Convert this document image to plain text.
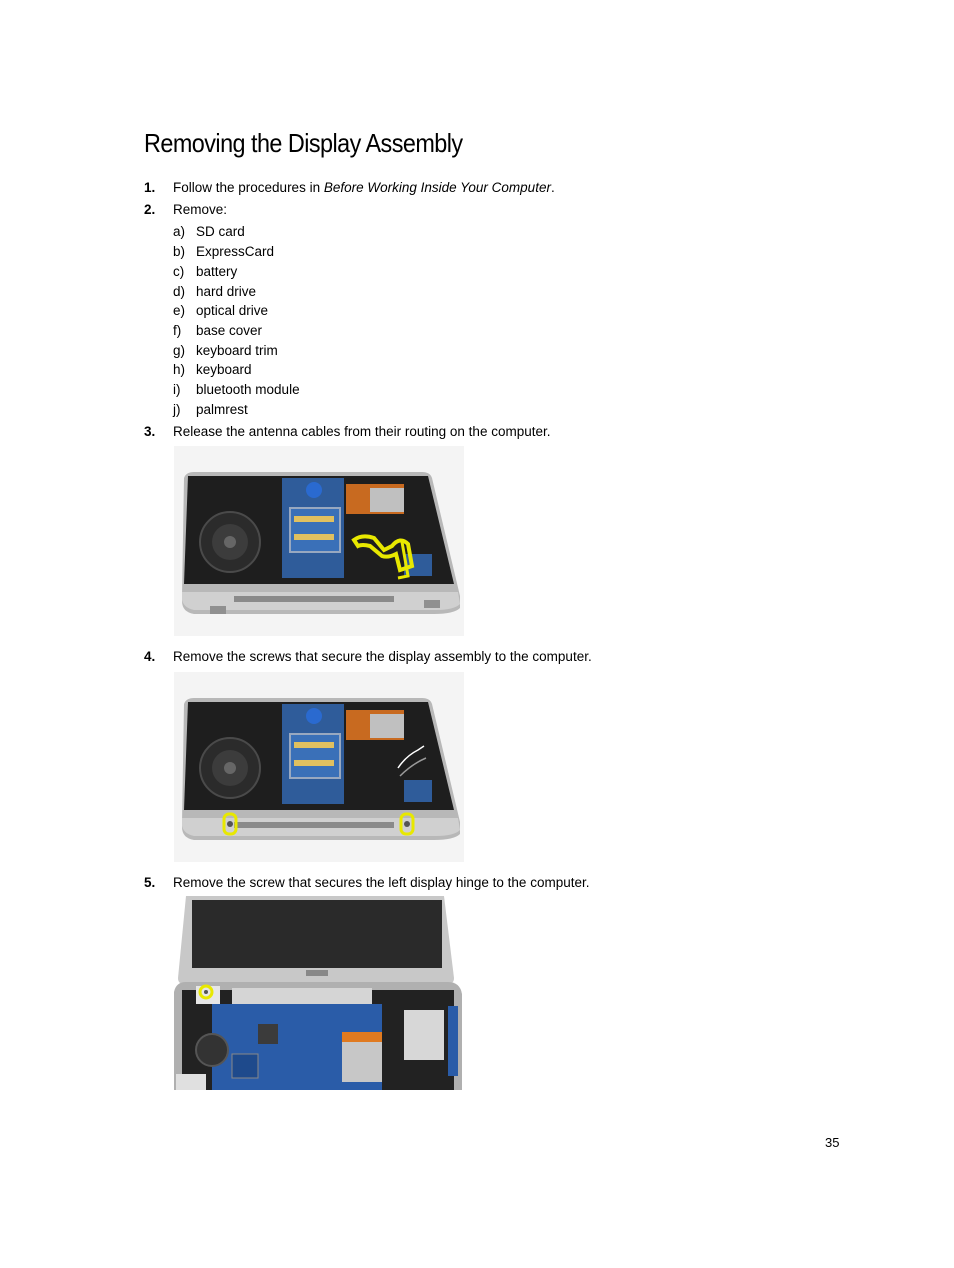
Removing the Display Assembly
1. Follow the procedures in Before Working Inside Your Computer.
2. Remove:
a) SD card
b) ExpressCard
c) battery
d) hard drive
e) optical drive
f) base cover
g) keyboard trim
h) keyboard
i) bluetooth module
j) palmrest
3. Release the antenna cables from their routing on the computer.
4. Remove the screws that secure the display assembly to the computer.
5. Remove the screw that secures the left display hinge to the computer.
35
